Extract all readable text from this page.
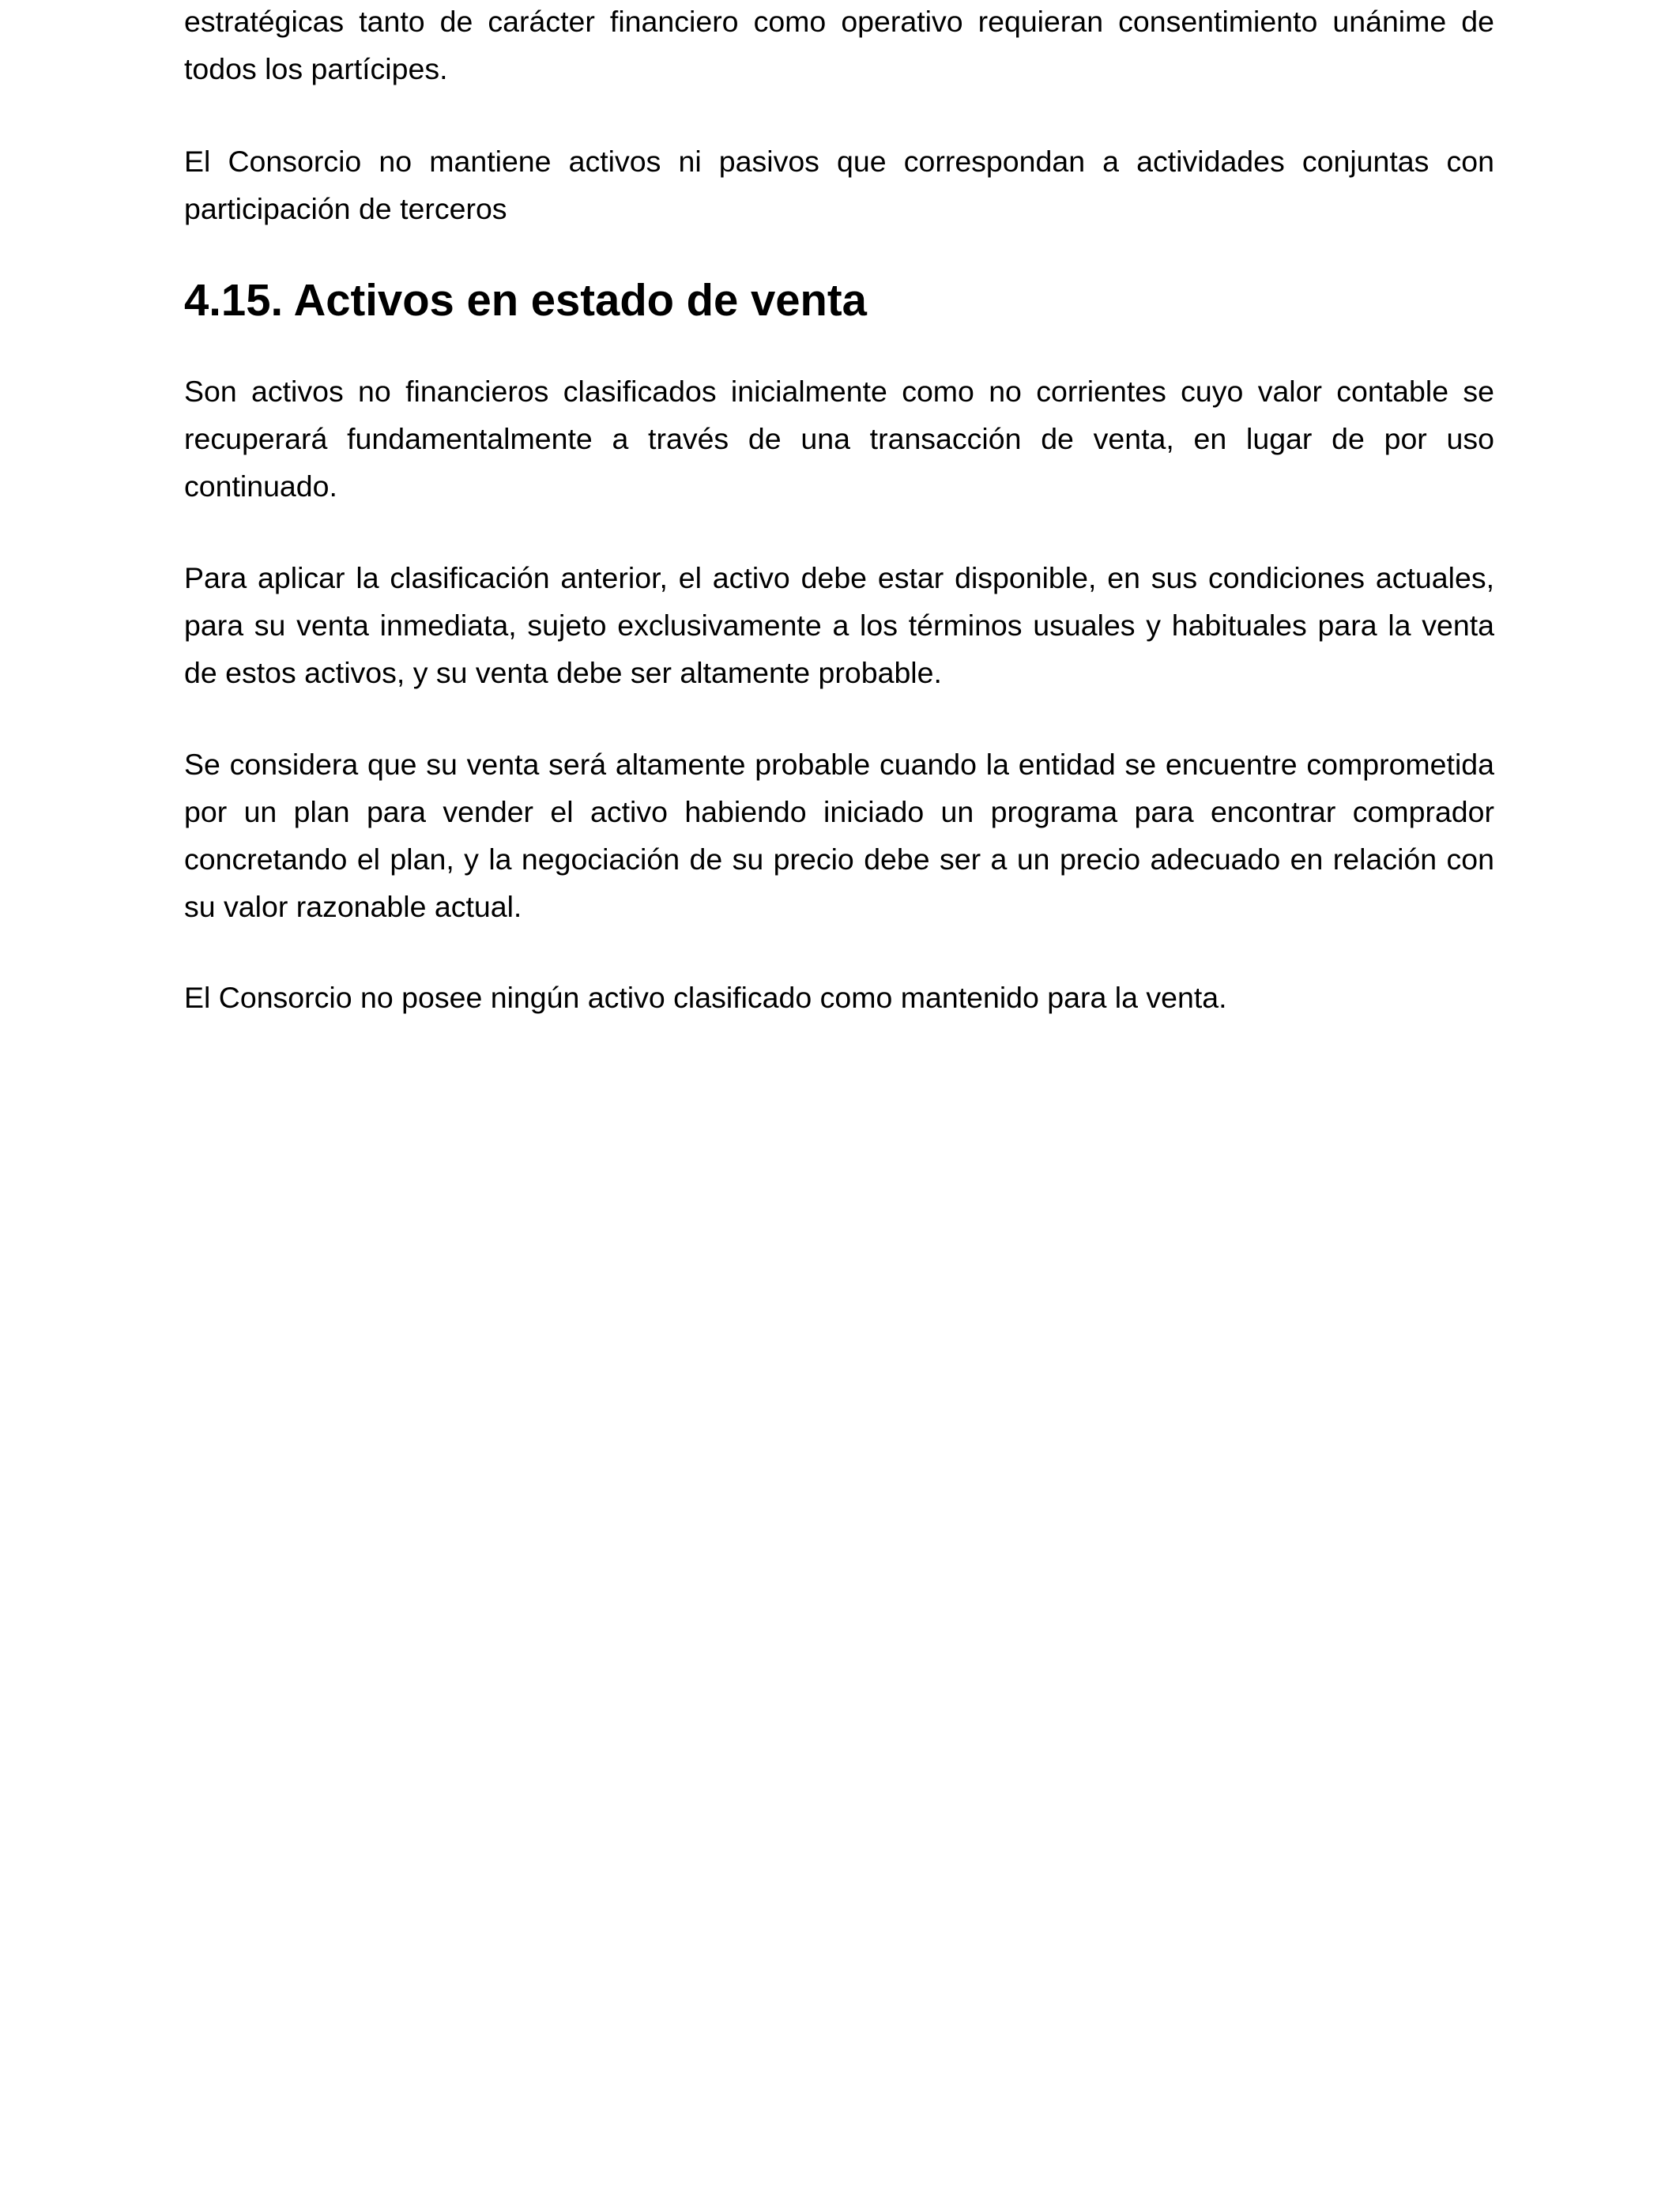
estratégicas tanto de carácter financiero como operativo requieran consentimiento unánime de todos los partícipes.

El Consorcio no mantiene activos ni pasivos que correspondan a actividades conjuntas con participación de terceros

4.15. Activos en estado de venta

Son activos no financieros clasificados inicialmente como no corrientes cuyo valor contable se recuperará fundamentalmente a través de una transacción de venta, en lugar de por uso continuado.

Para aplicar la clasificación anterior, el activo debe estar disponible, en sus condiciones actuales, para su venta inmediata, sujeto exclusivamente a los términos usuales y habituales para la venta de estos activos, y su venta debe ser altamente probable.

Se considera que su venta será altamente probable cuando la entidad se encuentre comprometida por un plan para vender el activo habiendo iniciado un programa para encontrar comprador concretando el plan, y la negociación de su precio debe ser a un precio adecuado en relación con su valor razonable actual.

El Consorcio no posee ningún activo clasificado como mantenido para la venta.
